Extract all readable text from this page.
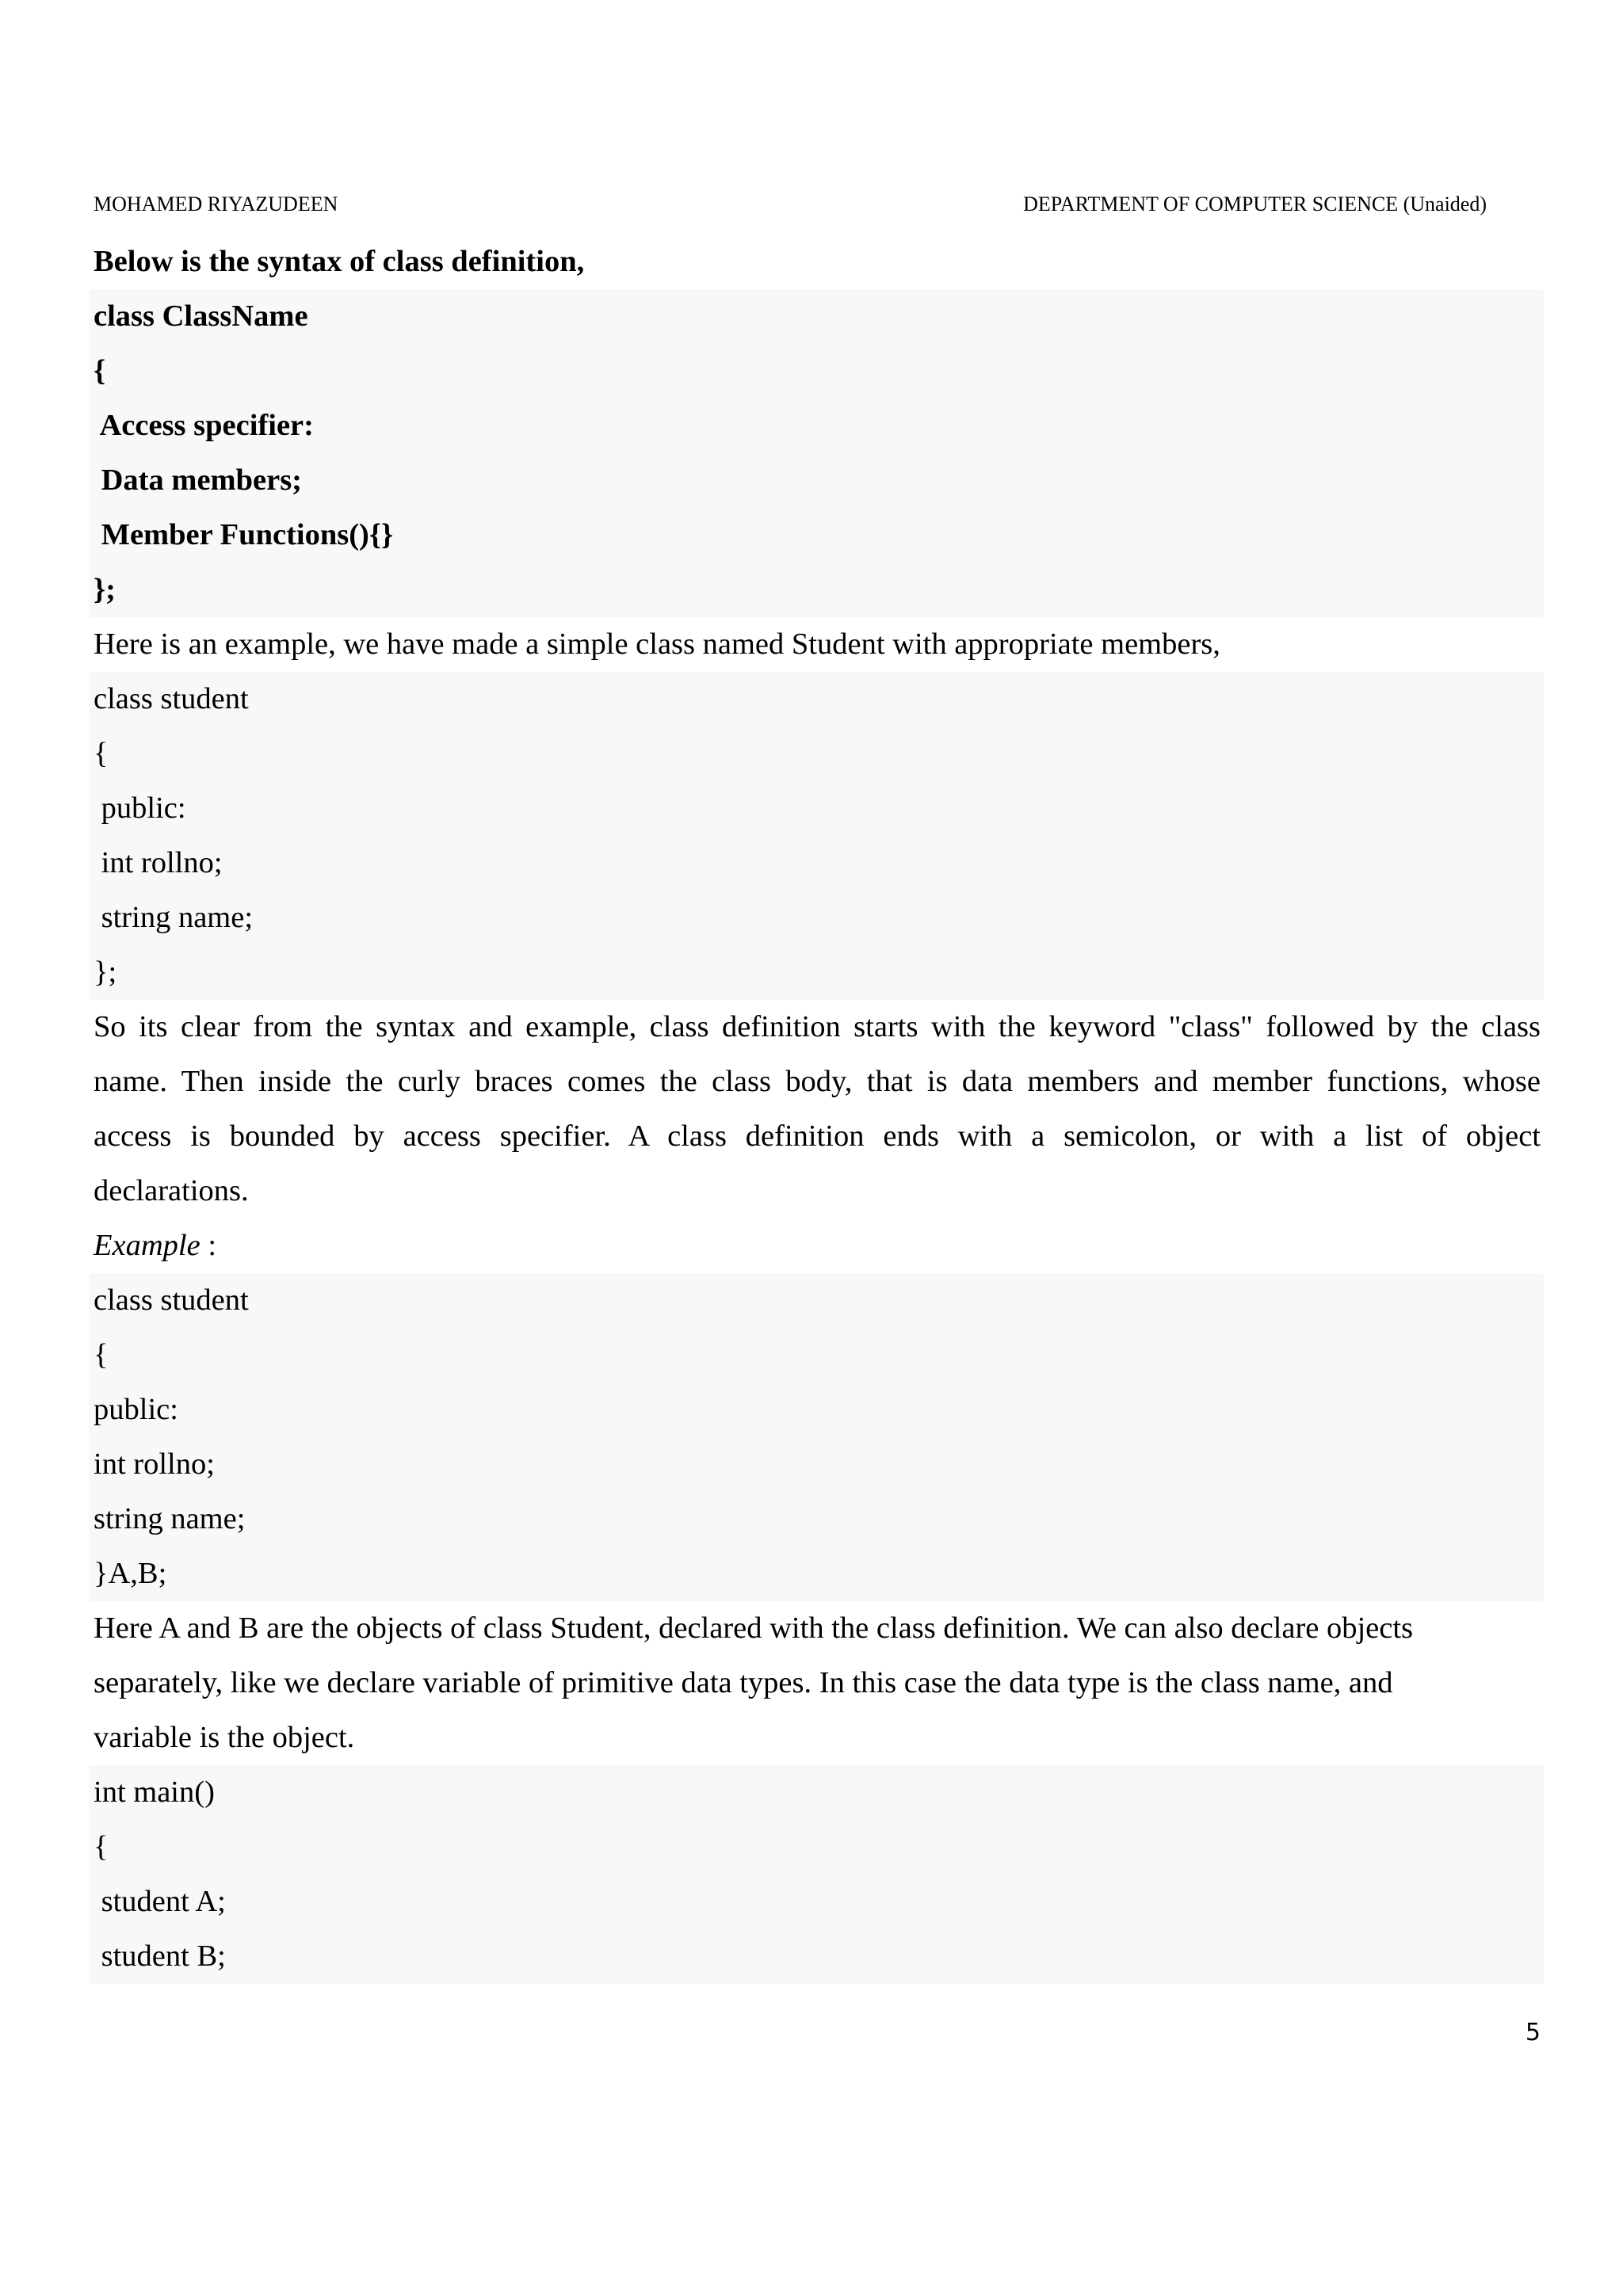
MOHAMED RIYAZUDEEN	DEPARTMENT OF COMPUTER SCIENCE (Unaided)
Below is the syntax of class definition,
class ClassName
{
Access specifier:
Data members;
Member Functions(){}
};
Here is an example, we have made a simple class named Student with appropriate members,
class student
{
public:
int rollno;
string name;
};
So its clear from the syntax and example, class definition starts with the keyword "class" followed by the class
name. Then inside the curly braces comes the class body, that is data members and member functions, whose
access is bounded by access specifier. A class definition ends with a semicolon, or with a list of object
declarations.
Example :
class student
{
public:
int rollno;
string name;
}A,B;
Here A and B are the objects of class Student, declared with the class definition. We can also declare objects
separately, like we declare variable of primitive data types. In this case the data type is the class name, and
variable is the object.
int main()
{
student A;
student B;
5
